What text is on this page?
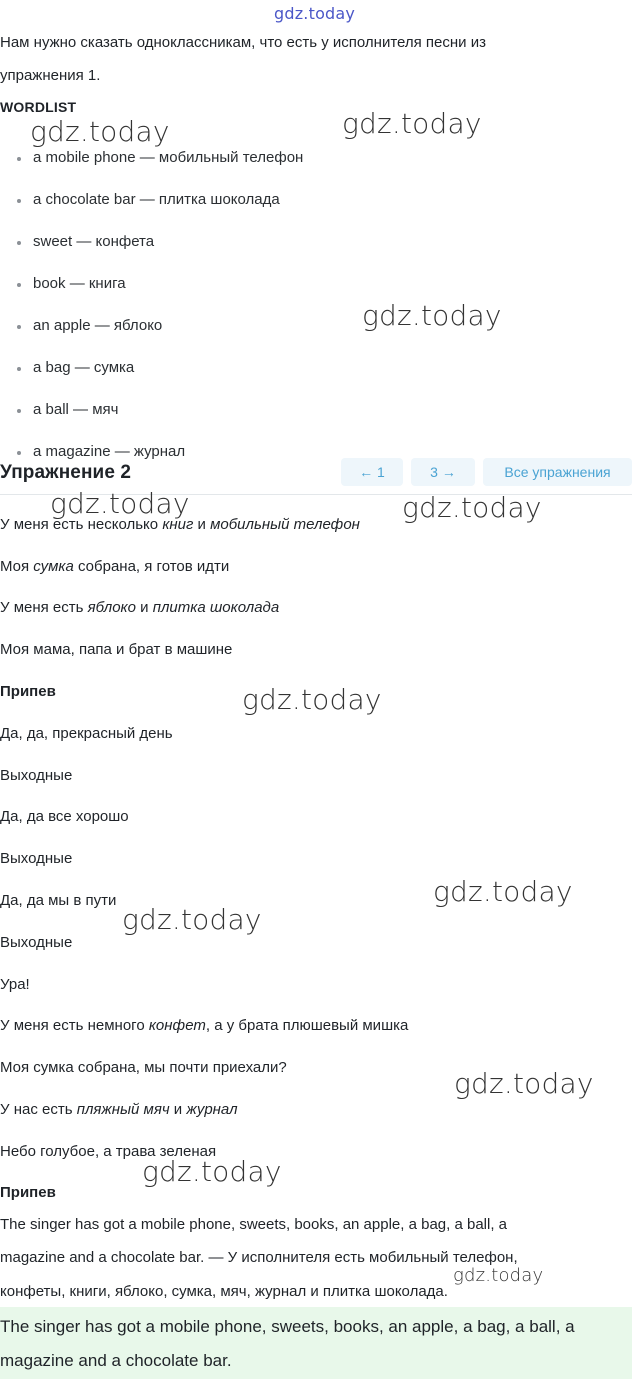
gdz.today
Нам нужно сказать одноклассникам, что есть у исполнителя песни из
упражнения 1.
WORDLIST
a mobile phone — мобильный телефон
a chocolate bar — плитка шоколада
sweet — конфета
book — книга
an apple — яблоко
a bag — сумка
a ball — мяч
a magazine — журнал
Упражнение 2	← 1	3 →	Все упражнения
У меня есть несколько книг и мобильный телефон
Моя сумка собрана, я готов идти
У меня есть яблоко и плитка шоколада
Моя мама, папа и брат в машине
Припев
Да, да, прекрасный день
Выходные
Да, да все хорошо
Выходные
Да, да мы в пути
Выходные
Ура!
У меня есть немного конфет, а у брата плюшевый мишка
Моя сумка собрана, мы почти приехали?
У нас есть пляжный мяч и журнал
Небо голубое, а трава зеленая
Припев
The singer has got a mobile phone, sweets, books, an apple, a bag, a ball, a
magazine and a chocolate bar. — У исполнителя есть мобильный телефон,
конфеты, книги, яблоко, сумка, мяч, журнал и плитка шоколада.
The singer has got a mobile phone, sweets, books, an apple, a bag, a ball, a
magazine and a chocolate bar.
gdz.today	gdz.today
gdz.today
gdz.today	gdz.today
gdz.today
gdz.today
gdz.today
gdz.today
gdz.today
gdz.today
